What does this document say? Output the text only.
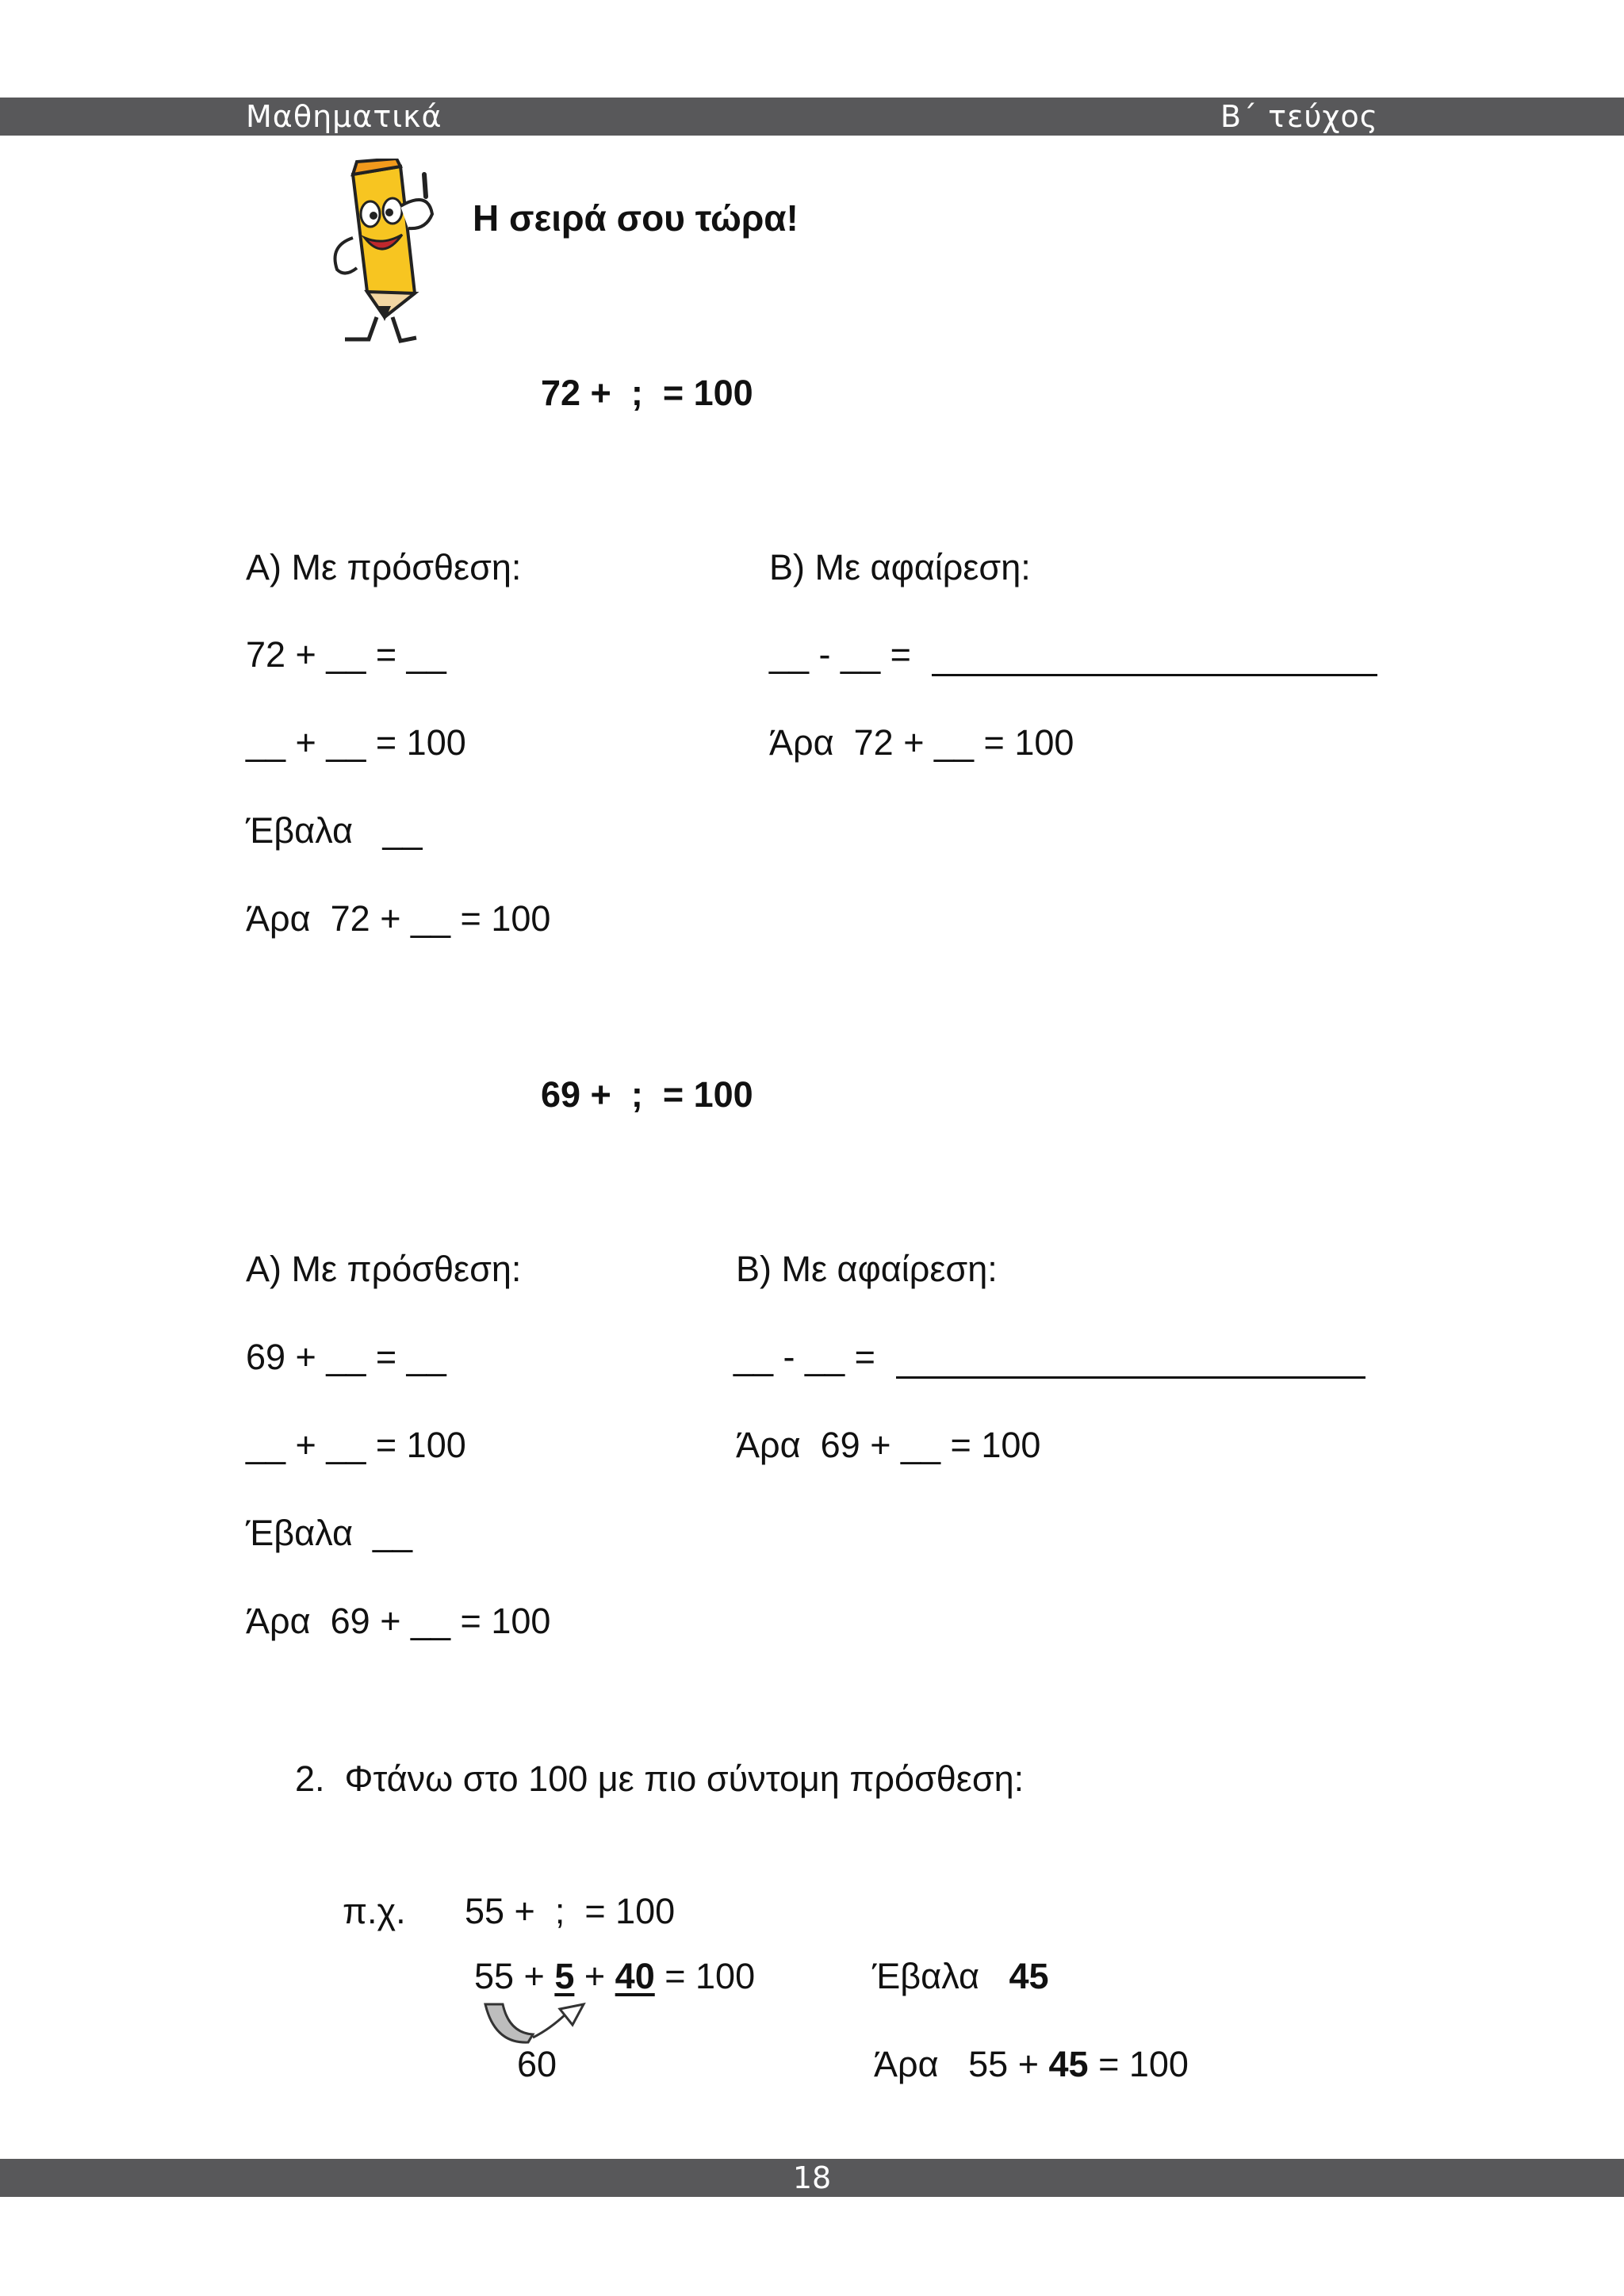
Μαθηματικά	Β΄ τεύχος
Η σειρά σου τώρα!
72 +  ;  = 100
Α) Με πρόσθεση:
72 + __ = __
__ + __ = 100
Έβαλα   __
Άρα  72 + __ = 100
Β) Με αφαίρεση:
__ - __ =
Άρα  72 + __ = 100
69 +  ;  = 100
Α) Με πρόσθεση:
69 + __ = __
__ + __ = 100
Έβαλα  __
Άρα  69 + __ = 100
Β) Με αφαίρεση:
__ - __ =
Άρα  69 + __ = 100
2.  Φτάνω στο 100 με πιο σύντομη πρόσθεση:
π.χ. 55 +  ;  = 100
55 + 5 + 40 = 100
60
Έβαλα   45
Άρα   55 + 45 = 100
18
